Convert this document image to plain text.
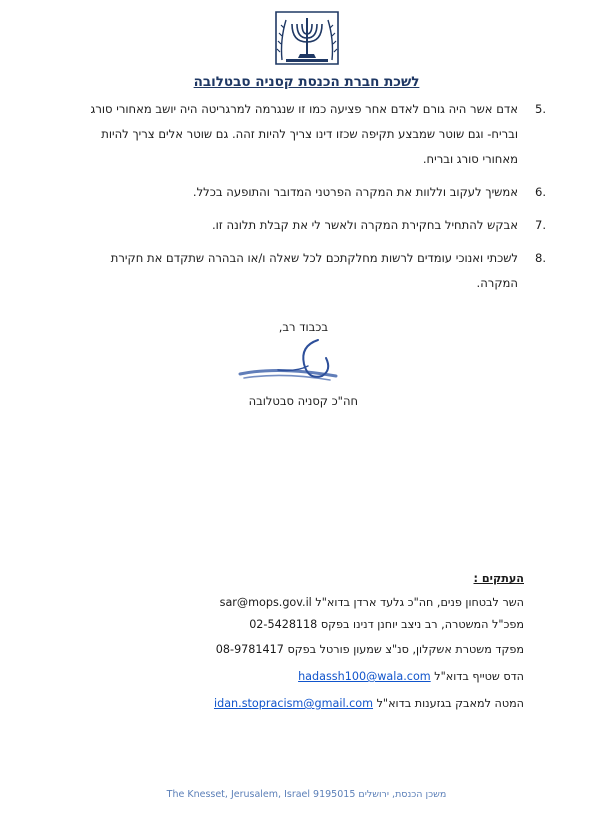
לשכת חברת הכנסת קסניה סבטלובה
5.
אדם אשר היה גורם לאדם אחר פציעה כמו זו שנגרמה למרגריטה היה יושב מאחורי סורג ובריח- וגם שוטר שמבצע תקיפה שכזו דינו צריך להיות זהה. גם שוטר אלים צריך להיות מאחורי סורג ובריח.
6.
אמשיך לעקוב וללוות את המקרה הפרטני המדובר והתופעה בכלל.
7.
אבקש להתחיל בחקירת המקרה ולאשר לי את קבלת תלונה זו.
8.
לשכתי ואנוכי עומדים לרשות מחלקתכם לכל שאלה ו/או הבהרה שתקדם את חקירת המקרה.
בכבוד רב,
חה"כ קסניה סבטלובה
העתקים :
השר לבטחון פנים, חה"כ גלעד ארדן בדוא"ל sar@mops.gov.il
מפכ"ל המשטרה, רב ניצב יוחנן דנינו בפקס 02-5428118
מפקד משטרת אשקלון, סנ"צ שמעון פורטל בפקס 08-9781417
הדס שטייף בדוא"ל hadassh100@wala.com
המטה למאבק בגזענות בדוא"ל idan.stopracism@gmail.com
The Knesset, Jerusalem, Israel 9195015 משכן הכנסת, ירושלים
